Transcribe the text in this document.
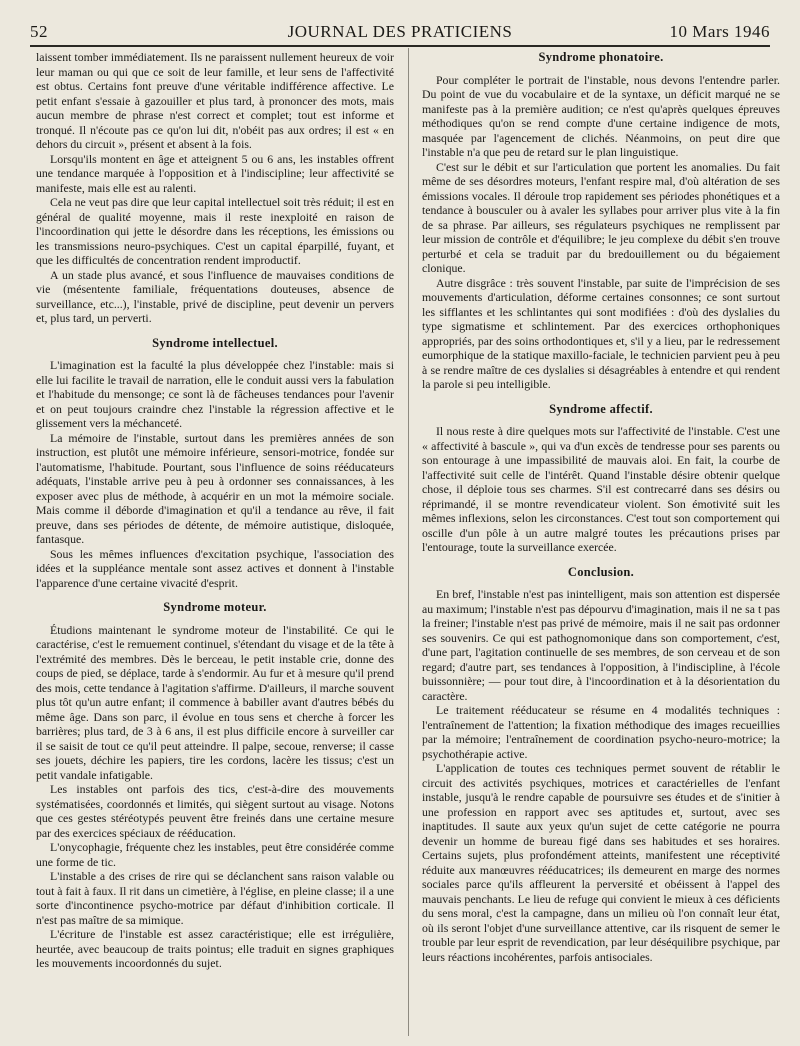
52	JOURNAL DES PRATICIENS	10 Mars 1946

laissent tomber immédiatement. Ils ne paraissent nullement heureux de voir leur maman ou qui que ce soit de leur famille, et leur sens de l'affectivité est obtus. Certains font preuve d'une véritable indifférence affective. Le petit enfant s'essaie à gazouiller et plus tard, à prononcer des mots, mais aucun membre de phrase n'est correct et complet; tout est informe et tronqué. Il n'écoute pas ce qu'on lui dit, n'obéit pas aux ordres; il est « en dehors du circuit », présent et absent à la fois.

Lorsqu'ils montent en âge et atteignent 5 ou 6 ans, les instables offrent une tendance marquée à l'opposition et à l'indiscipline; leur affectivité se manifeste, mais elle est au ralenti.

Cela ne veut pas dire que leur capital intellectuel soit très réduit; il est en général de qualité moyenne, mais il reste inexploité en raison de l'incoordination qui jette le désordre dans les réceptions, les émissions ou les transmissions neuro-psychiques. C'est un capital éparpillé, fuyant, et que les difficultés de concentration rendent improductif.

A un stade plus avancé, et sous l'influence de mauvaises conditions de vie (mésentente familiale, fréquentations douteuses, absence de surveillance, etc...), l'instable, privé de discipline, peut devenir un pervers et, plus tard, un perverti.

Syndrome intellectuel.

L'imagination est la faculté la plus développée chez l'instable: mais si elle lui facilite le travail de narration, elle le conduit aussi vers la fabulation et l'habitude du mensonge; ce sont là de fâcheuses tendances pour l'avenir et on peut toujours craindre chez l'instable la régression affective et le glissement vers la méchanceté.

La mémoire de l'instable, surtout dans les premières années de son instruction, est plutôt une mémoire inférieure, sensori-motrice, fondée sur l'automatisme, l'habitude. Pourtant, sous l'influence de soins rééducateurs adéquats, l'instable arrive peu à peu à ordonner ses connaissances, à les exposer avec plus de méthode, à acquérir en un mot la mémoire sociale. Mais comme il déborde d'imagination et qu'il a tendance au rêve, il fait preuve, dans ses périodes de détente, de mémoire autistique, disloquée, fantasque.

Sous les mêmes influences d'excitation psychique, l'association des idées et la suppléance mentale sont assez actives et donnent à l'instable l'apparence d'une certaine vivacité d'esprit.

Syndrome moteur.

Étudions maintenant le syndrome moteur de l'instabilité. Ce qui le caractérise, c'est le remuement continuel, s'étendant du visage et de la tête à l'extrémité des membres. Dès le berceau, le petit instable crie, donne des coups de pied, se déplace, tarde à s'endormir. Au fur et à mesure qu'il prend des mois, cette tendance à l'agitation s'affirme. D'ailleurs, il marche souvent plus tôt qu'un autre enfant; il commence à babiller avant d'autres bébés du même âge. Dans son parc, il évolue en tous sens et cherche à forcer les barrières; plus tard, de 3 à 6 ans, il est plus difficile encore à surveiller car il se saisit de tout ce qu'il peut atteindre. Il palpe, secoue, renverse; il casse ses jouets, déchire les papiers, tire les cordons, lacère les tissus; c'est un petit vandale infatigable.

Les instables ont parfois des tics, c'est-à-dire des mouvements systématisées, coordonnés et limités, qui siègent surtout au visage. Notons que ces gestes stéréotypés peuvent être freinés dans une certaine mesure par des exercices spéciaux de rééducation.

L'onycophagie, fréquente chez les instables, peut être considérée comme une forme de tic.

L'instable a des crises de rire qui se déclanchent sans raison valable ou tout à fait à faux. Il rit dans un cimetière, à l'église, en pleine classe; il a une sorte d'incontinence psycho-motrice par défaut d'inhibition corticale. Il n'est pas maître de sa mimique.

L'écriture de l'instable est assez caractéristique; elle est irrégulière, heurtée, avec beaucoup de traits pointus; elle traduit en signes graphiques les mouvements incoordonnés du sujet.

Syndrome phonatoire.

Pour compléter le portrait de l'instable, nous devons l'entendre parler. Du point de vue du vocabulaire et de la syntaxe, un déficit marqué ne se manifeste pas à la première audition; ce n'est qu'après quelques épreuves méthodiques qu'on se rend compte d'une certaine indigence de mots, masquée par l'agencement de clichés. Néanmoins, on peut dire que l'instable n'a que peu de retard sur le plan linguistique.

C'est sur le débit et sur l'articulation que portent les anomalies. Du fait même de ses désordres moteurs, l'enfant respire mal, d'où altération de ses émissions vocales. Il déroule trop rapidement ses périodes phonétiques et a tendance à bousculer ou à avaler les syllabes pour arriver plus vite à la fin de sa phrase. Par ailleurs, ses régulateurs psychiques ne remplissent par leur mission de contrôle et d'équilibre; le jeu complexe du débit s'en trouve perturbé et cela se traduit par du bredouillement ou du bégaiement clonique.

Autre disgrâce : très souvent l'instable, par suite de l'imprécision de ses mouvements d'articulation, déforme certaines consonnes; ce sont surtout les sifflantes et les schlintantes qui sont modifiées : d'où des dyslalies du type sigmatisme et schlintement. Par des exercices orthophoniques appropriés, par des soins orthodontiques et, s'il y a lieu, par le redressement eumorphique de la statique maxillo-faciale, le technicien parvient peu à peu à se rendre maître de ces dyslalies si désagréables à entendre et qui rendent la parole si peu intelligible.

Syndrome affectif.

Il nous reste à dire quelques mots sur l'affectivité de l'instable. C'est une « affectivité à bascule », qui va d'un excès de tendresse pour ses parents ou son entourage à une impassibilité de mauvais aloi. En fait, la courbe de l'affectivité suit celle de l'intérêt. Quand l'instable désire obtenir quelque chose, il déploie tous ses charmes. S'il est contrecarré dans ses désirs ou réprimandé, il se montre revendicateur violent. Son émotivité suit les mêmes inflexions, selon les circonstances. C'est tout son comportement qui oscille d'un pôle à un autre malgré toutes les précautions prises par l'entourage, toute la surveillance exercée.

Conclusion.

En bref, l'instable n'est pas inintelligent, mais son attention est dispersée au maximum; l'instable n'est pas dépourvu d'imagination, mais il ne sa t pas la freiner; l'instable n'est pas privé de mémoire, mais il ne sait pas ordonner ses souvenirs. Ce qui est pathognomonique dans son comportement, c'est, d'une part, l'agitation continuelle de ses membres, de son cerveau et de son regard; d'autre part, ses tendances à l'opposition, à l'indiscipline, à l'école buissonnière; — pour tout dire, à l'incoordination et à la désorientation du caractère.

Le traitement rééducateur se résume en 4 modalités techniques : l'entraînement de l'attention; la fixation méthodique des images recueillies par la mémoire; l'entraînement de coordination psycho-neuro-motrice; la psychothérapie active.

L'application de toutes ces techniques permet souvent de rétablir le circuit des activités psychiques, motrices et caractérielles de l'enfant instable, jusqu'à le rendre capable de poursuivre ses études et de s'initier à une profession en rapport avec ses aptitudes et, surtout, avec ses inaptitudes. Il saute aux yeux qu'un sujet de cette catégorie ne pourra devenir un homme de bureau figé dans ses habitudes et ses horaires. Certains sujets, plus profondément atteints, manifestent une réceptivité réduite aux manœuvres rééducatrices; ils demeurent en marge des normes sociales parce qu'ils affleurent la perversité et obéissent à l'appel des mauvais penchants. Le lieu de refuge qui convient le mieux à ces déficients du sens moral, c'est la campagne, dans un milieu où l'on connaît leur état, où ils seront l'objet d'une surveillance attentive, car ils risquent de semer le trouble par leur esprit de revendication, par leur déséquilibre psychique, par leurs réactions incohérentes, parfois antisociales.
